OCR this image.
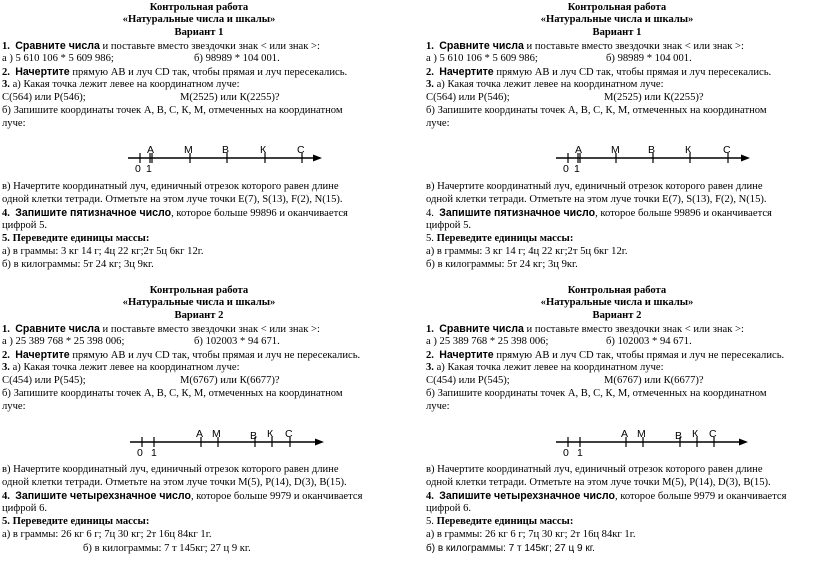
Контрольная работа
«Натуральные числа и шкалы»
Вариант 1
1. Сравните числа и поставьте вместо звездочки знак < или знак >:
а ) 5 610 106 * 5 609 986;	б) 98989 * 104 001.
2. Начертите прямую АВ и луч СD так, чтобы прямая и луч пересекались.
3. а) Какая точка лежит левее на координатном луче:
С(564) или Р(546);	М(2525) или К(2255)?
б) Запишите координаты точек А, В, С, К, М, отмеченных на координатном
луче:
А	М	В	К	С
0 1
в) Начертите координатный луч, единичный отрезок которого равен длине
одной клетки тетради. Отметьте на этом луче точки Е(7), S(13), F(2), N(15).
4. Запишите пятизначное число, которое больше 99896 и оканчивается
цифрой 5.
5. Переведите единицы массы:
а) в граммы: 3 кг 14 г; 4ц 22 кг;2т 5ц 6кг 12г.
б) в килограммы: 5т 24 кг; 3ц 9кг.
Контрольная работа
«Натуральные числа и шкалы»
Вариант 1
1. Сравните числа и поставьте вместо звездочки знак < или знак >:
а ) 5 610 106 * 5 609 986;	б) 98989 * 104 001.
2. Начертите прямую АВ и луч СD так, чтобы прямая и луч пересекались.
3. а) Какая точка лежит левее на координатном луче:
С(564) или Р(546);	М(2525) или К(2255)?
б) Запишите координаты точек А, В, С, К, М, отмеченных на координатном
луче:
А	М	В	К	С
0 1
в) Начертите координатный луч, единичный отрезок которого равен длине
одной клетки тетради. Отметьте на этом луче точки Е(7), S(13), F(2), N(15).
4. Запишите пятизначное число, которое больше 99896 и оканчивается
цифрой 5.
5. Переведите единицы массы:
а) в граммы: 3 кг 14 г; 4ц 22 кг;2т 5ц 6кг 12г.
б) в килограммы: 5т 24 кг; 3ц 9кг.
Контрольная работа
«Натуральные числа и шкалы»
Вариант 2
1. Сравните числа и поставьте вместо звездочки знак < или знак >:
а ) 25 389 768 * 25 398 006;	б) 102003 * 94 671.
2. Начертите прямую АВ и луч СD так, чтобы прямая и луч не пересекались.
3. а) Какая точка лежит левее на координатном луче:
С(454) или Р(545);	М(6767) или К(6677)?
б) Запишите координаты точек А, В, С, К, М, отмеченных на координатном
луче:
А М	В К С
0 1
в) Начертите координатный луч, единичный отрезок которого равен длине
одной клетки тетради. Отметьте на этом луче точки М(5), Р(14), D(3), В(15).
4. Запишите четырехзначное число, которое больше 9979 и оканчивается
цифрой 6.
5. Переведите единицы массы:
а) в граммы: 26 кг 6 г; 7ц 30 кг; 2т 16ц 84кг 1г.
б) в килограммы: 7 т 145кг; 27 ц 9 кг.
Контрольная работа
«Натуральные числа и шкалы»
Вариант 2
1. Сравните числа и поставьте вместо звездочки знак < или знак >:
а ) 25 389 768 * 25 398 006;	б) 102003 * 94 671.
2. Начертите прямую АВ и луч СD так, чтобы прямая и луч не пересекались.
3. а) Какая точка лежит левее на координатном луче:
С(454) или Р(545);	М(6767) или К(6677)?
б) Запишите координаты точек А, В, С, К, М, отмеченных на координатном
луче:
А М	В К С
0 1
в) Начертите координатный луч, единичный отрезок которого равен длине
одной клетки тетради. Отметьте на этом луче точки М(5), Р(14), D(3), В(15).
4. Запишите четырехзначное число, которое больше 9979 и оканчивается
цифрой 6.
5. Переведите единицы массы:
а) в граммы: 26 кг 6 г; 7ц 30 кг; 2т 16ц 84кг 1г.
б) в килограммы: 7 т 145кг; 27 ц 9 кг.
